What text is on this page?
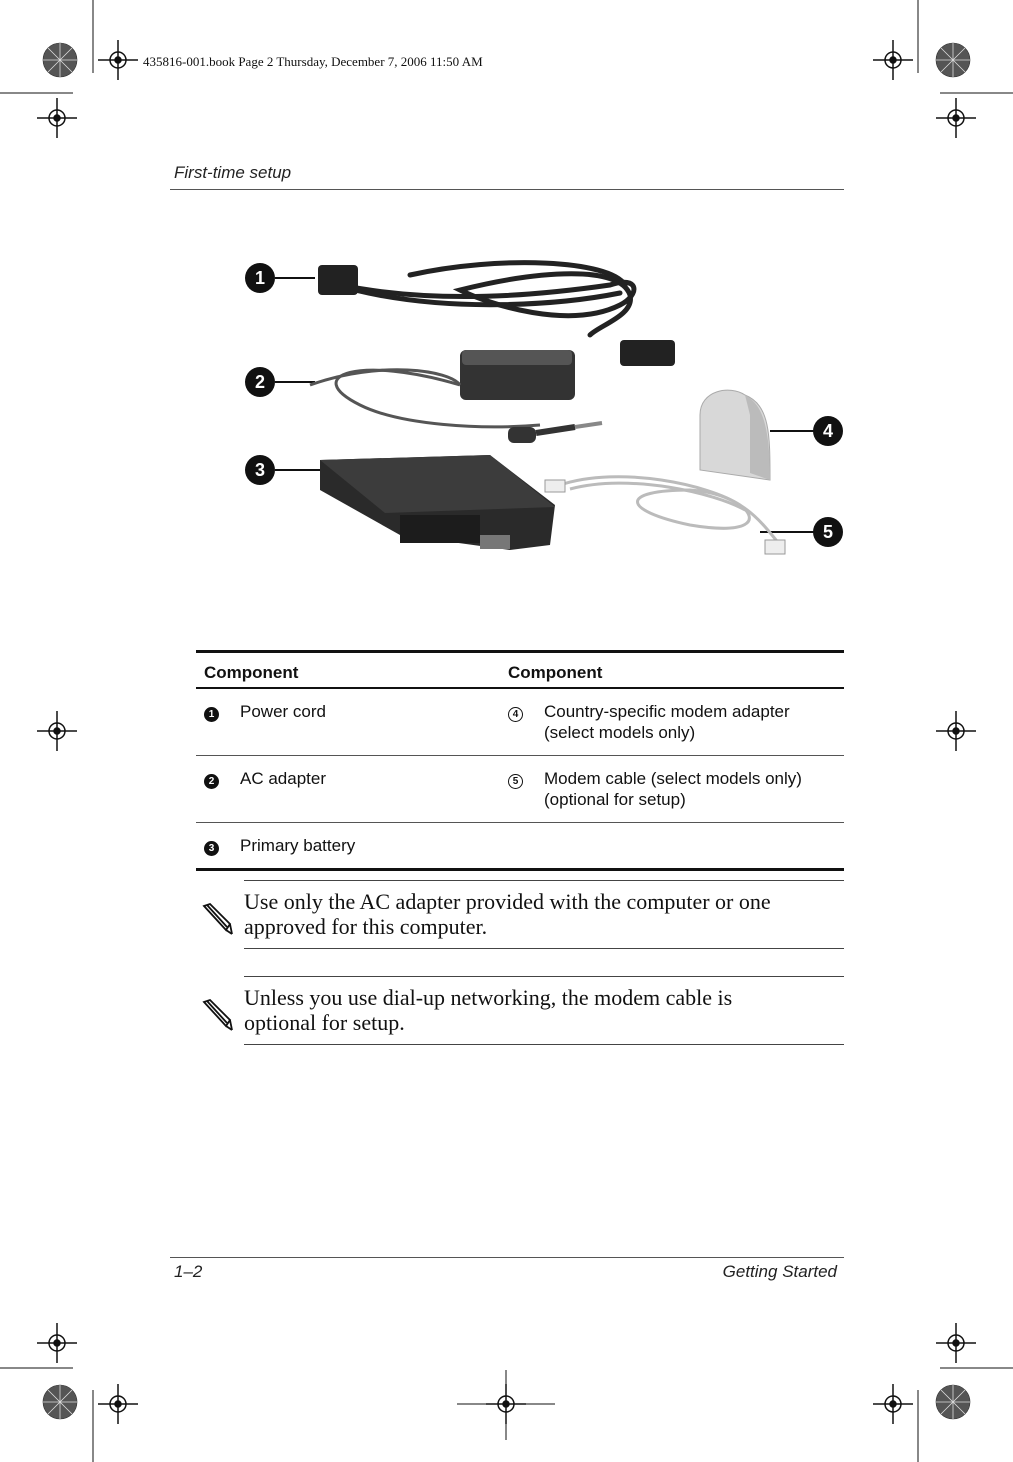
435816-001.book Page 2 Thursday, December 7, 2006 11:50 AM
First-time setup
1
2
3
4
5
Component		Component	
1	Power cord	4	Country-specific modem adapter (select models only)
2	AC adapter	5	Modem cable (select models only) (optional for setup)
3	Primary battery		
Use only the AC adapter provided with the computer or one approved for this computer.
Unless you use dial-up networking, the modem cable is optional for setup.
1–2	Getting Started
